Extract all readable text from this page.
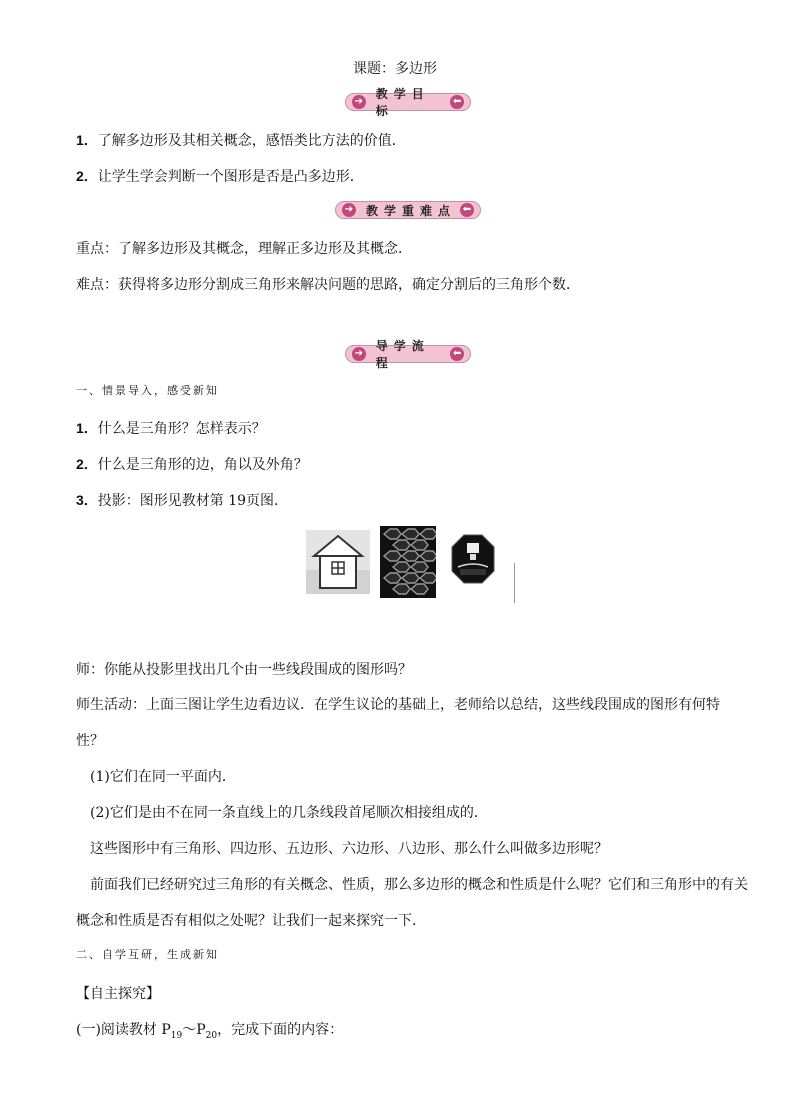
课题：多边形
➔
教学目标
⬅
1．了解多边形及其相关概念，感悟类比方法的价值．
2．让学生学会判断一个图形是否是凸多边形．
➔	教学重难点 ⬅
重点：了解多边形及其概念，理解正多边形及其概念．
难点：获得将多边形分割成三角形来解决问题的思路，确定分割后的三角形个数．
➔
导学流程
⬅
一、情景导入，感受新知
1．什么是三角形？怎样表示？
2．什么是三角形的边，角以及外角？
3．投影：图形见教材第 19页图．
师：你能从投影里找出几个由一些线段围成的图形吗？
师生活动：上面三图让学生边看边议．在学生议论的基础上，老师给以总结，这些线段围成的图形有何特
性？
(1)它们在同一平面内．
(2)它们是由不在同一条直线上的几条线段首尾顺次相接组成的．
这些图形中有三角形、四边形、五边形、六边形、八边形、那么什么叫做多边形呢？
前面我们已经研究过三角形的有关概念、性质，那么多边形的概念和性质是什么呢？它们和三角形中的有关
概念和性质是否有相似之处呢？让我们一起来探究一下．
二、自学互研，生成新知
【自主探究】
(一)阅读教材 $P_{19}\sim P_{20}$，完成下面的内容：
